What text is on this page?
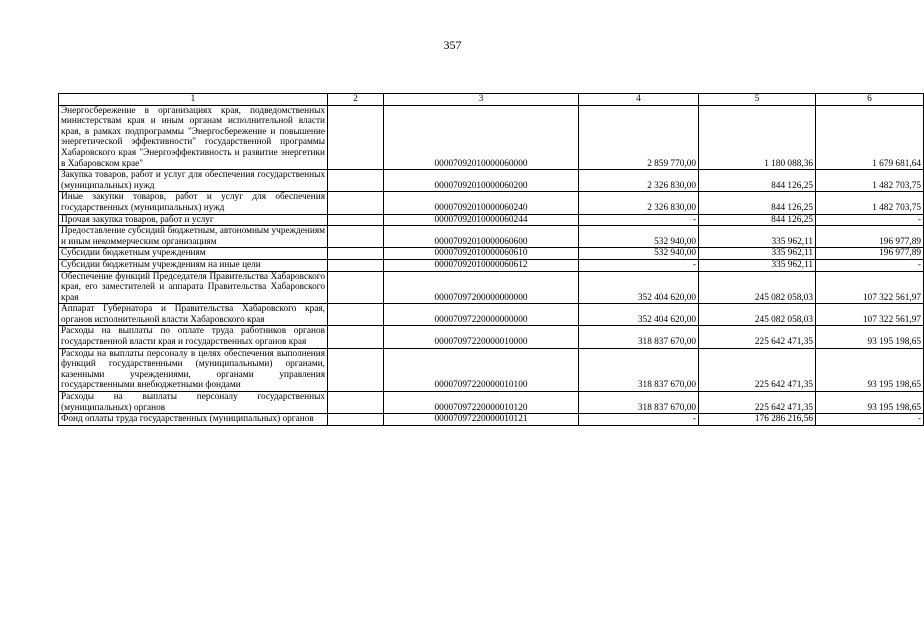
357
1	2	3	4	5	6
Энергосбережение в организациях края, подведомственных министерствам края и иным органам исполнительной власти края, в рамках подпрограммы "Энергосбережение и повышение энергетической эффективности" государственной программы Хабаровского края "Энергоэффективность и развитие энергетики в Хабаровском крае"		00007092010000060000	2 859 770,00	1 180 088,36	1 679 681,64
Закупка товаров, работ и услуг для обеспечения государственных (муниципальных) нужд		00007092010000060200	2 326 830,00	844 126,25	1 482 703,75
Иные закупки товаров, работ и услуг для обеспечения государственных (муниципальных) нужд		00007092010000060240	2 326 830,00	844 126,25	1 482 703,75
Прочая закупка товаров, работ и услуг		00007092010000060244	-	844 126,25	-
Предоставление субсидий бюджетным, автономным учреждениям и иным некоммерческим организациям		00007092010000060600	532 940,00	335 962,11	196 977,89
Субсидии бюджетным учреждениям		00007092010000060610	532 940,00	335 962,11	196 977,89
Субсидии бюджетным учреждениям на иные цели		00007092010000060612	-	335 962,11	-
Обеспечение функций Председателя Правительства Хабаровского края, его заместителей и аппарата Правительства Хабаровского края		00007097200000000000	352 404 620,00	245 082 058,03	107 322 561,97
Аппарат Губернатора и Правительства Хабаровского края, органов исполнительной власти Хабаровского края		00007097220000000000	352 404 620,00	245 082 058,03	107 322 561,97
Расходы на выплаты по оплате труда работников органов государственной власти края и государственных органов края		00007097220000010000	318 837 670,00	225 642 471,35	93 195 198,65
Расходы на выплаты персоналу в целях обеспечения выполнения функций государственными (муниципальными) органами, казенными учреждениями, органами управления государственными внебюджетными фондами		00007097220000010100	318 837 670,00	225 642 471,35	93 195 198,65
Расходы на выплаты персоналу государственных (муниципальных) органов		00007097220000010120	318 837 670,00	225 642 471,35	93 195 198,65
Фонд оплаты труда государственных (муниципальных) органов		00007097220000010121	-	176 286 216,56	-
